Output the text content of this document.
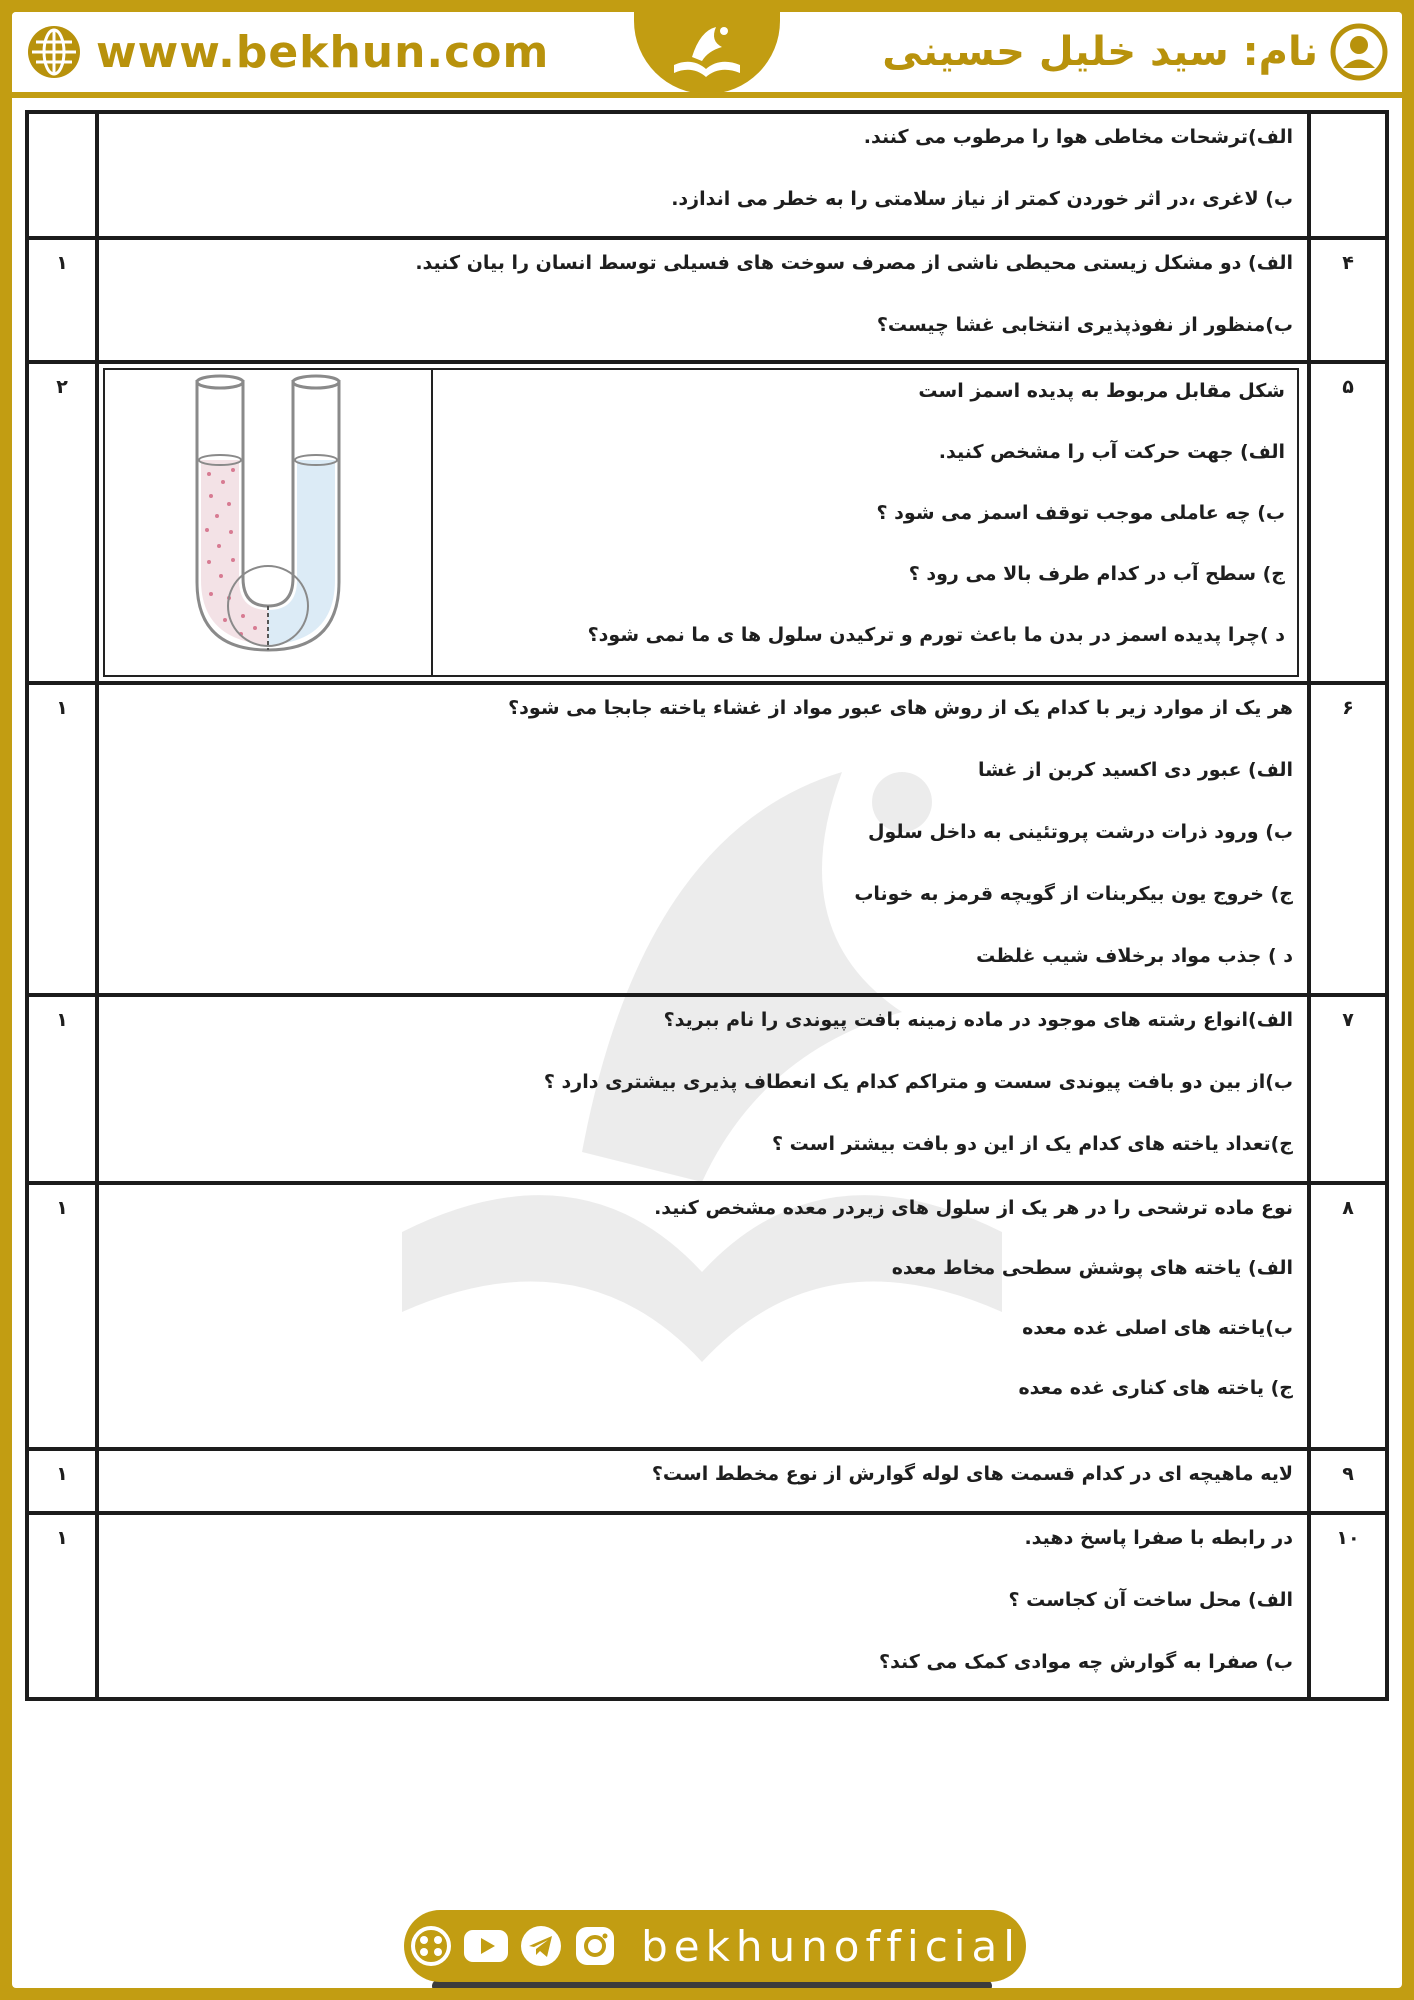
www.bekhun.com	نام: سید خلیل حسینی

	الف)ترشحات مخاطی هوا را مرطوب می کنند.
ب) لاغری ،در اثر خوردن کمتر از نیاز سلامتی را به خطر می اندازد.	

۴	الف) دو مشکل زیستی محیطی ناشی از مصرف سوخت های فسیلی توسط انسان را بیان کنید.
ب)منظور از نفوذپذیری انتخابی غشا چیست؟	۱
۵	شکل مقابل مربوط به پدیده اسمز است
الف) جهت حرکت آب را مشخص کنید.
ب) چه عاملی موجب توقف اسمز می شود ؟
ج) سطح آب در کدام طرف بالا می رود ؟
د )چرا پدیده اسمز در بدن ما باعث تورم و ترکیدن سلول ها ی ما نمی شود؟	۲
۶	هر یک از موارد زیر با کدام یک از روش های عبور مواد از غشاء یاخته جابجا می شود؟
الف) عبور دی اکسید کربن از غشا
ب) ورود ذرات درشت پروتئینی به داخل سلول
ج) خروج یون بیکربنات از گویچه قرمز به خوناب
د ) جذب مواد برخلاف شیب غلظت	۱
۷	الف)انواع رشته های موجود در ماده زمینه بافت پیوندی را نام ببرید؟
ب)از بین دو بافت پیوندی سست و متراکم کدام یک انعطاف پذیری بیشتری دارد ؟
ج)تعداد یاخته های کدام یک از این دو بافت بیشتر است ؟	۱
۸	نوع ماده ترشحی را در هر یک از سلول های زیردر معده مشخص کنید.
الف) یاخته های پوشش سطحی مخاط معده
ب)یاخته های اصلی غده معده
ج) یاخته های کناری غده معده	۱
۹	لایه ماهیچه ای در کدام قسمت های لوله گوارش از نوع مخطط است؟	۱
۱۰	در رابطه با صفرا پاسخ دهید.
الف) محل ساخت آن کجاست ؟
ب) صفرا به گوارش چه موادی کمک می کند؟	۱
bekhunofficial
